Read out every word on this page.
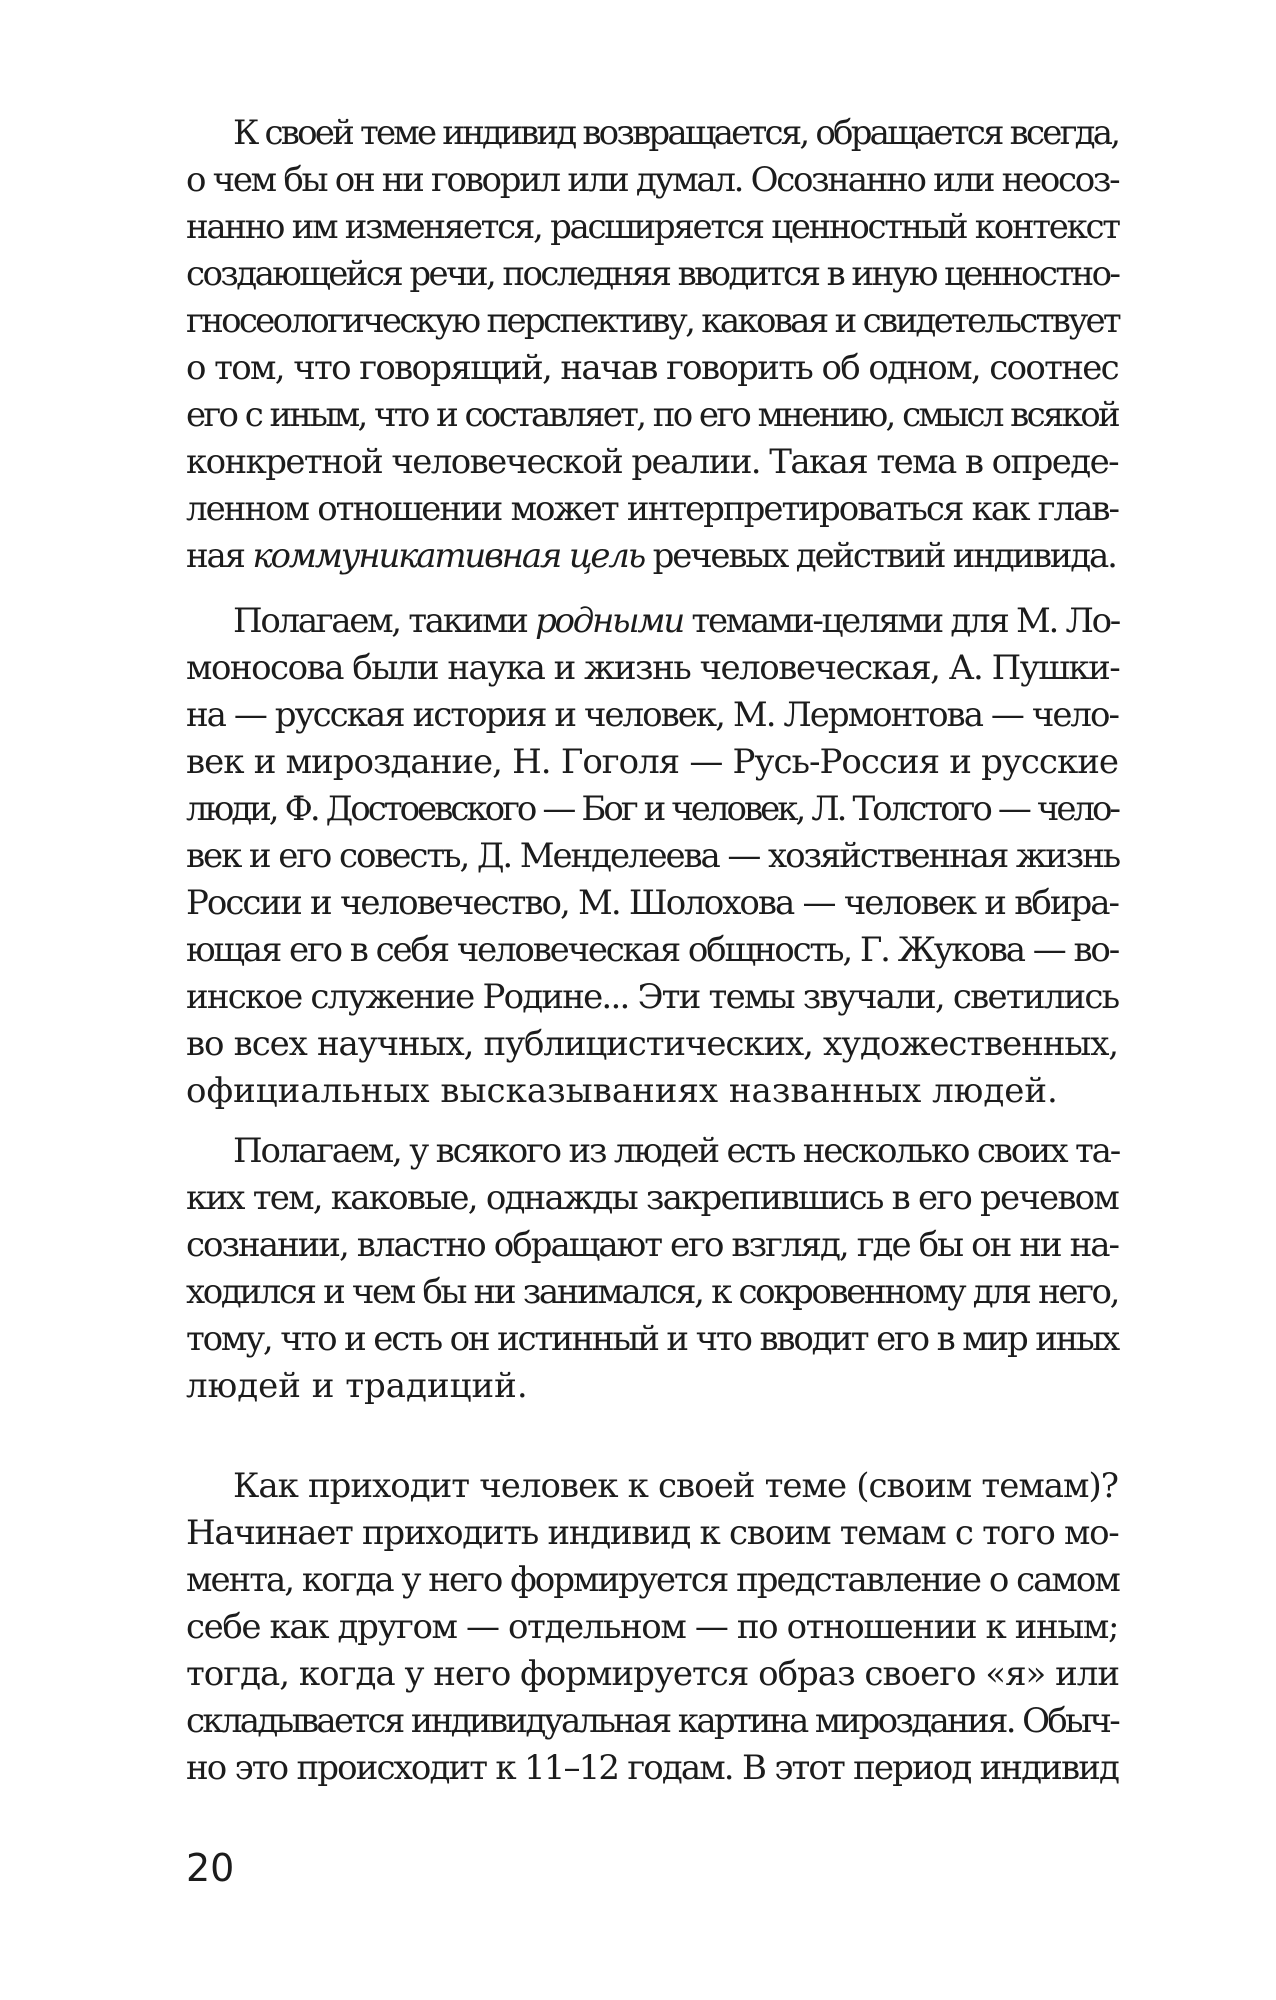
К своей теме индивид возвращается, обращается всегда,

о чем бы он ни говорил или думал. Осознанно или неосоз-

нанно им изменяется, расширяется ценностный контекст

создающейся речи, последняя вводится в иную ценностно-

гносеологическую перспективу, каковая и свидетельствует

о том, что говорящий, начав говорить об одном, соотнес

его с иным, что и составляет, по его мнению, смысл всякой

конкретной человеческой реалии. Такая тема в опреде-

ленном отношении может интерпретироваться как глав-

ная коммуникативная цель речевых действий индивида.

Полагаем, такими родными темами-целями для М. Ло-

моносова были наука и жизнь человеческая, А. Пушки-

на — русская история и человек, М. Лермонтова — чело-

век и мироздание, Н. Гоголя — Русь-Россия и русские

люди, Ф. Достоевского — Бог и человек, Л. Толстого — чело-

век и его совесть, Д. Менделеева — хозяйственная жизнь

России и человечество, М. Шолохова — человек и вбира-

ющая его в себя человеческая общность, Г. Жукова — во-

инское служение Родине... Эти темы звучали, светились

во всех научных, публицистических, художественных,

официальных высказываниях названных людей.

Полагаем, у всякого из людей есть несколько своих та-

ких тем, каковые, однажды закрепившись в его речевом

сознании, властно обращают его взгляд, где бы он ни на-

ходился и чем бы ни занимался, к сокровенному для него,

тому, что и есть он истинный и что вводит его в мир иных

людей и традиций.

Как приходит человек к своей теме (своим темам)?

Начинает приходить индивид к своим темам с того мо-

мента, когда у него формируется представление о самом

себе как другом — отдельном — по отношении к иным;

тогда, когда у него формируется образ своего «я» или

складывается индивидуальная картина мироздания. Обыч-

но это происходит к 11–12 годам. В этот период индивид

20
